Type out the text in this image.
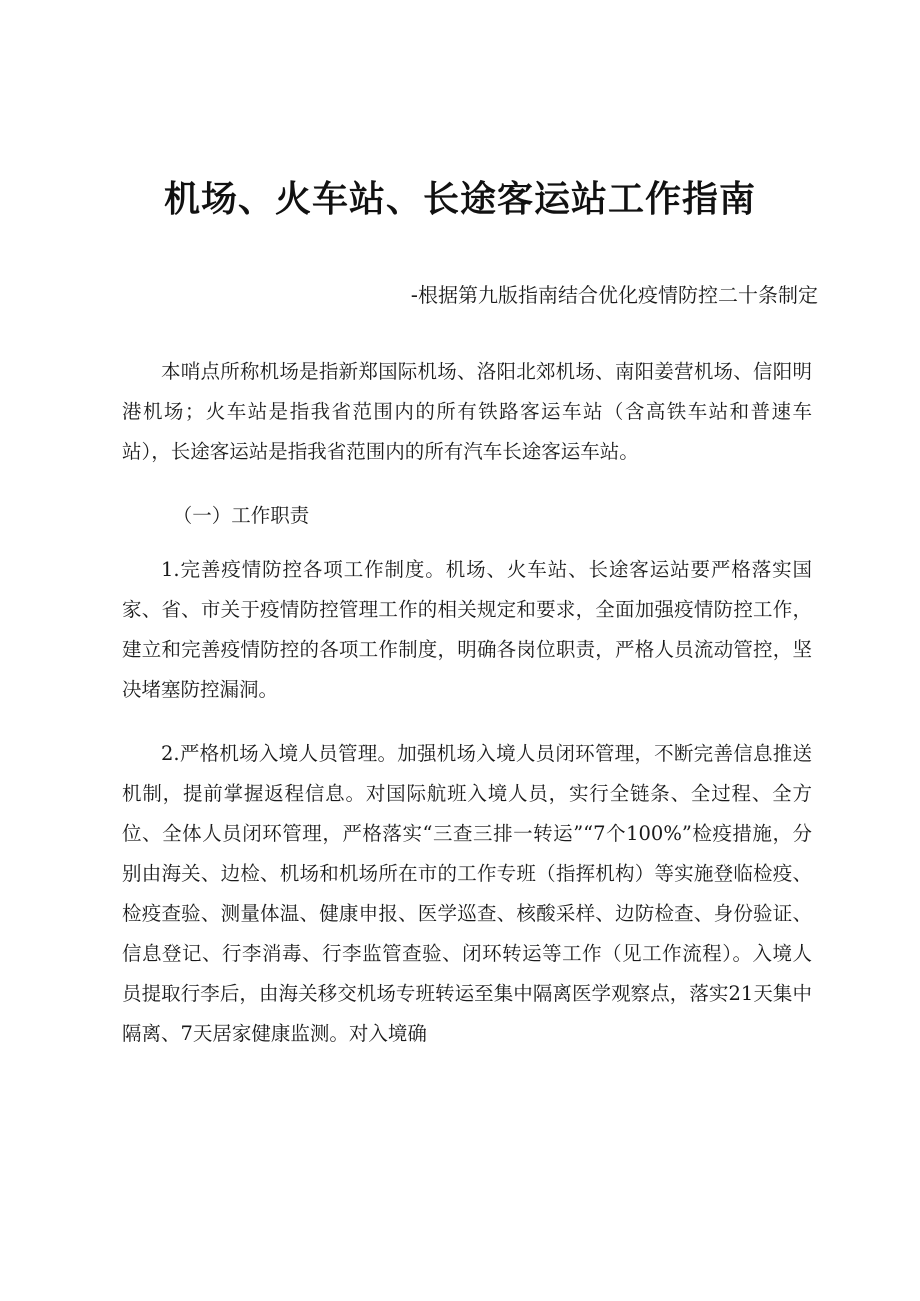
机场、火车站、长途客运站工作指南

-根据第九版指南结合优化疫情防控二十条制定

本哨点所称机场是指新郑国际机场、洛阳北郊机场、南阳姜营机场、信阳明港机场；火车站是指我省范围内的所有铁路客运车站（含高铁车站和普速车站），长途客运站是指我省范围内的所有汽车长途客运车站。

（一）工作职责

1.完善疫情防控各项工作制度。机场、火车站、长途客运站要严格落实国家、省、市关于疫情防控管理工作的相关规定和要求，全面加强疫情防控工作，建立和完善疫情防控的各项工作制度，明确各岗位职责，严格人员流动管控，坚决堵塞防控漏洞。

2.严格机场入境人员管理。加强机场入境人员闭环管理，不断完善信息推送机制，提前掌握返程信息。对国际航班入境人员，实行全链条、全过程、全方位、全体人员闭环管理，严格落实“三查三排一转运”“7个100%”检疫措施，分别由海关、边检、机场和机场所在市的工作专班（指挥机构）等实施登临检疫、检疫查验、测量体温、健康申报、医学巡查、核酸采样、边防检查、身份验证、信息登记、行李消毒、行李监管查验、闭环转运等工作（见工作流程）。入境人员提取行李后，由海关移交机场专班转运至集中隔离医学观察点，落实21天集中隔离、7天居家健康监测。对入境确
